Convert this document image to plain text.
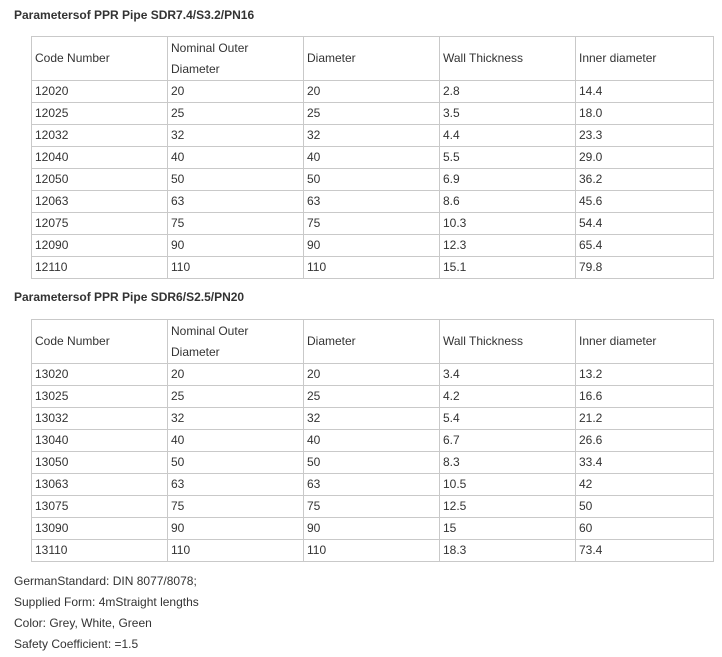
Parametersof PPR Pipe SDR7.4/S3.2/PN16
Code Number	Nominal Outer Diameter	Diameter	Wall Thickness	Inner diameter
12020	20	20	2.8	14.4
12025	25	25	3.5	18.0
12032	32	32	4.4	23.3
12040	40	40	5.5	29.0
12050	50	50	6.9	36.2
12063	63	63	8.6	45.6
12075	75	75	10.3	54.4
12090	90	90	12.3	65.4
12110	110	110	15.1	79.8
Parametersof PPR Pipe SDR6/S2.5/PN20
Code Number	Nominal Outer Diameter	Diameter	Wall Thickness	Inner diameter
13020	20	20	3.4	13.2
13025	25	25	4.2	16.6
13032	32	32	5.4	21.2
13040	40	40	6.7	26.6
13050	50	50	8.3	33.4
13063	63	63	10.5	42
13075	75	75	12.5	50
13090	90	90	15	60
13110	110	110	18.3	73.4

GermanStandard: DIN 8077/8078;

Supplied Form: 4mStraight lengths

Color: Grey, White, Green

Safety Coefficient: =1.5
